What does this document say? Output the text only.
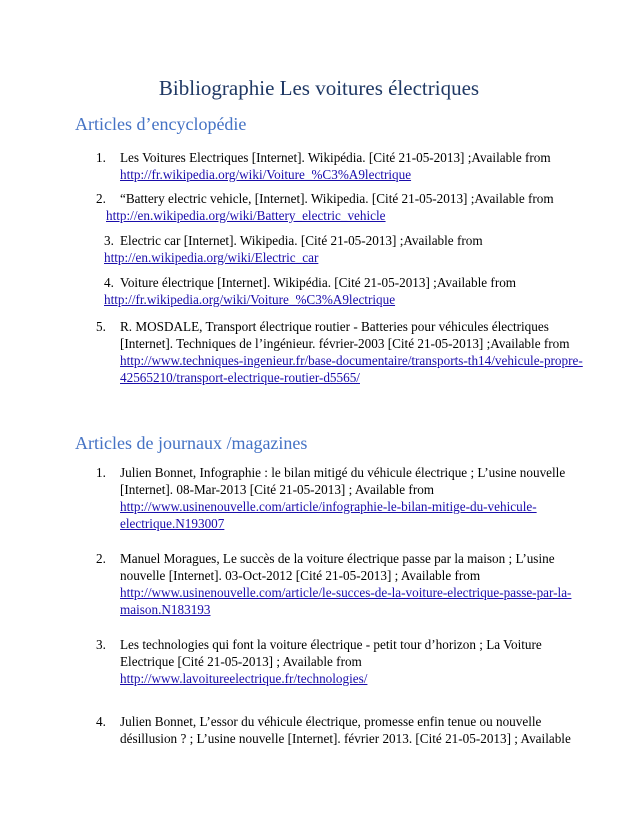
Bibliographie Les voitures électriques
Articles d’encyclopédie
1. Les Voitures Electriques [Internet]. Wikipédia. [Cité 21-05-2013] ;Available from
http://fr.wikipedia.org/wiki/Voiture_%C3%A9lectrique
2. “Battery electric vehicle, [Internet]. Wikipedia. [Cité 21-05-2013] ;Available from
http://en.wikipedia.org/wiki/Battery_electric_vehicle
3. Electric car [Internet]. Wikipedia. [Cité 21-05-2013] ;Available from
http://en.wikipedia.org/wiki/Electric_car
4. Voiture électrique [Internet]. Wikipédia. [Cité 21-05-2013] ;Available from
http://fr.wikipedia.org/wiki/Voiture_%C3%A9lectrique
5. R. MOSDALE, Transport électrique routier - Batteries pour véhicules électriques
[Internet]. Techniques de l’ingénieur. février-2003 [Cité 21-05-2013] ;Available from
http://www.techniques-ingenieur.fr/base-documentaire/transports-th14/vehicule-propre-
42565210/transport-electrique-routier-d5565/
Articles de journaux /magazines
1. Julien Bonnet, Infographie : le bilan mitigé du véhicule électrique ; L’usine nouvelle
[Internet]. 08-Mar-2013 [Cité 21-05-2013] ; Available from
http://www.usinenouvelle.com/article/infographie-le-bilan-mitige-du-vehicule-
electrique.N193007
2. Manuel Moragues, Le succès de la voiture électrique passe par la maison ; L’usine
nouvelle [Internet]. 03-Oct-2012 [Cité 21-05-2013] ; Available from
http://www.usinenouvelle.com/article/le-succes-de-la-voiture-electrique-passe-par-la-
maison.N183193
3. Les technologies qui font la voiture électrique - petit tour d’horizon ; La Voiture
Electrique [Cité 21-05-2013] ; Available from
http://www.lavoitureelectrique.fr/technologies/
4. Julien Bonnet, L’essor du véhicule électrique, promesse enfin tenue ou nouvelle
désillusion ? ; L’usine nouvelle [Internet]. février 2013. [Cité 21-05-2013] ; Available
